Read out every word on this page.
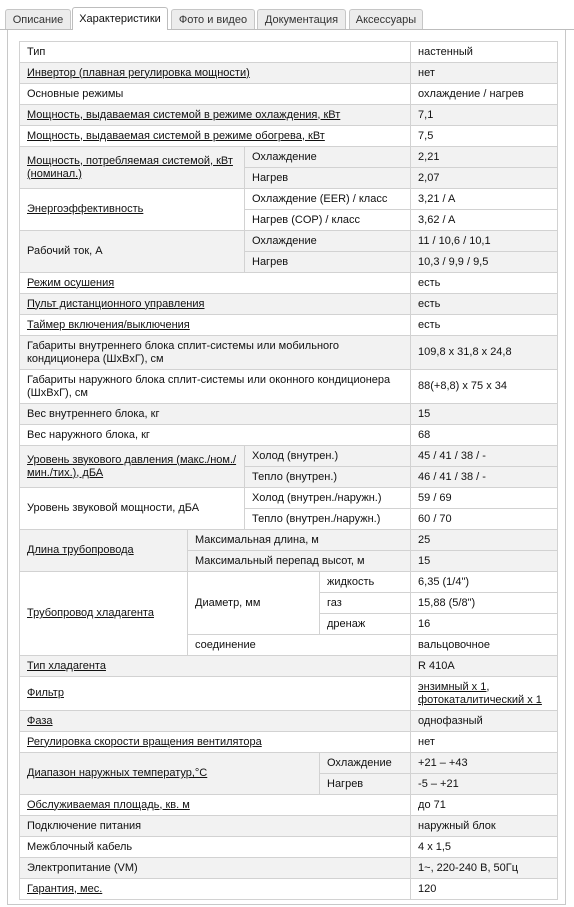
Описание	Характеристики	Фото и видео	Документация	Аксессуары
Тип				настенный
Инвертор (плавная регулировка мощности)				нет
Основные режимы				охлаждение / нагрев
Мощность, выдаваемая системой в режиме охлаждения, кВт				7,1
Мощность, выдаваемая системой в режиме обогрева, кВт				7,5
Мощность, потребляемая системой, кВт (номинал.)		Охлаждение		2,21
		Нагрев		2,07
Энергоэффективность		Охлаждение (EER) / класс		3,21 / A
		Нагрев (COP) / класс		3,62 / A
Рабочий ток, А		Охлаждение		11 / 10,6 / 10,1
		Нагрев		10,3 / 9,9 / 9,5
Режим осушения				есть
Пульт дистанционного управления				есть
Таймер включения/выключения				есть
Габариты внутреннего блока сплит-системы или мобильного кондиционера (ШxВxГ), см				109,8 x 31,8 x 24,8
Габариты наружного блока сплит-системы или оконного кондиционера (ШxВxГ), см				88(+8,8) x 75 x 34
Вес внутреннего блока, кг				15
Вес наружного блока, кг				68
Уровень звукового давления (макс./ном./мин./тих.), дБА		Холод (внутрен.)		45 / 41 / 38 / -
		Тепло (внутрен.)		46 / 41 / 38 / -
Уровень звуковой мощности, дБА		Холод (внутрен./наружн.)		59 / 69
		Тепло (внутрен./наружн.)		60 / 70
Длина трубопровода	Максимальная длина, м			25
	Максимальный перепад высот, м			15
Трубопровод хладагента	Диаметр, мм		жидкость	6,35 (1/4")
			газ	15,88 (5/8")
			дренаж	16
	соединение			вальцовочное
Тип хладагента				R 410A
Фильтр				энзимный x 1,
фотокаталитический x 1
Фаза				однофазный
Регулировка скорости вращения вентилятора				нет
Диапазон наружных температур,°С			Охлаждение	+21 – +43
			Нагрев	-5 – +21
Обслуживаемая площадь, кв. м				до 71
Подключение питания				наружный блок
Межблочный кабель				4 x 1,5
Электропитание (VM)				1~, 220-240 В, 50Гц
Гарантия, мес.				120
